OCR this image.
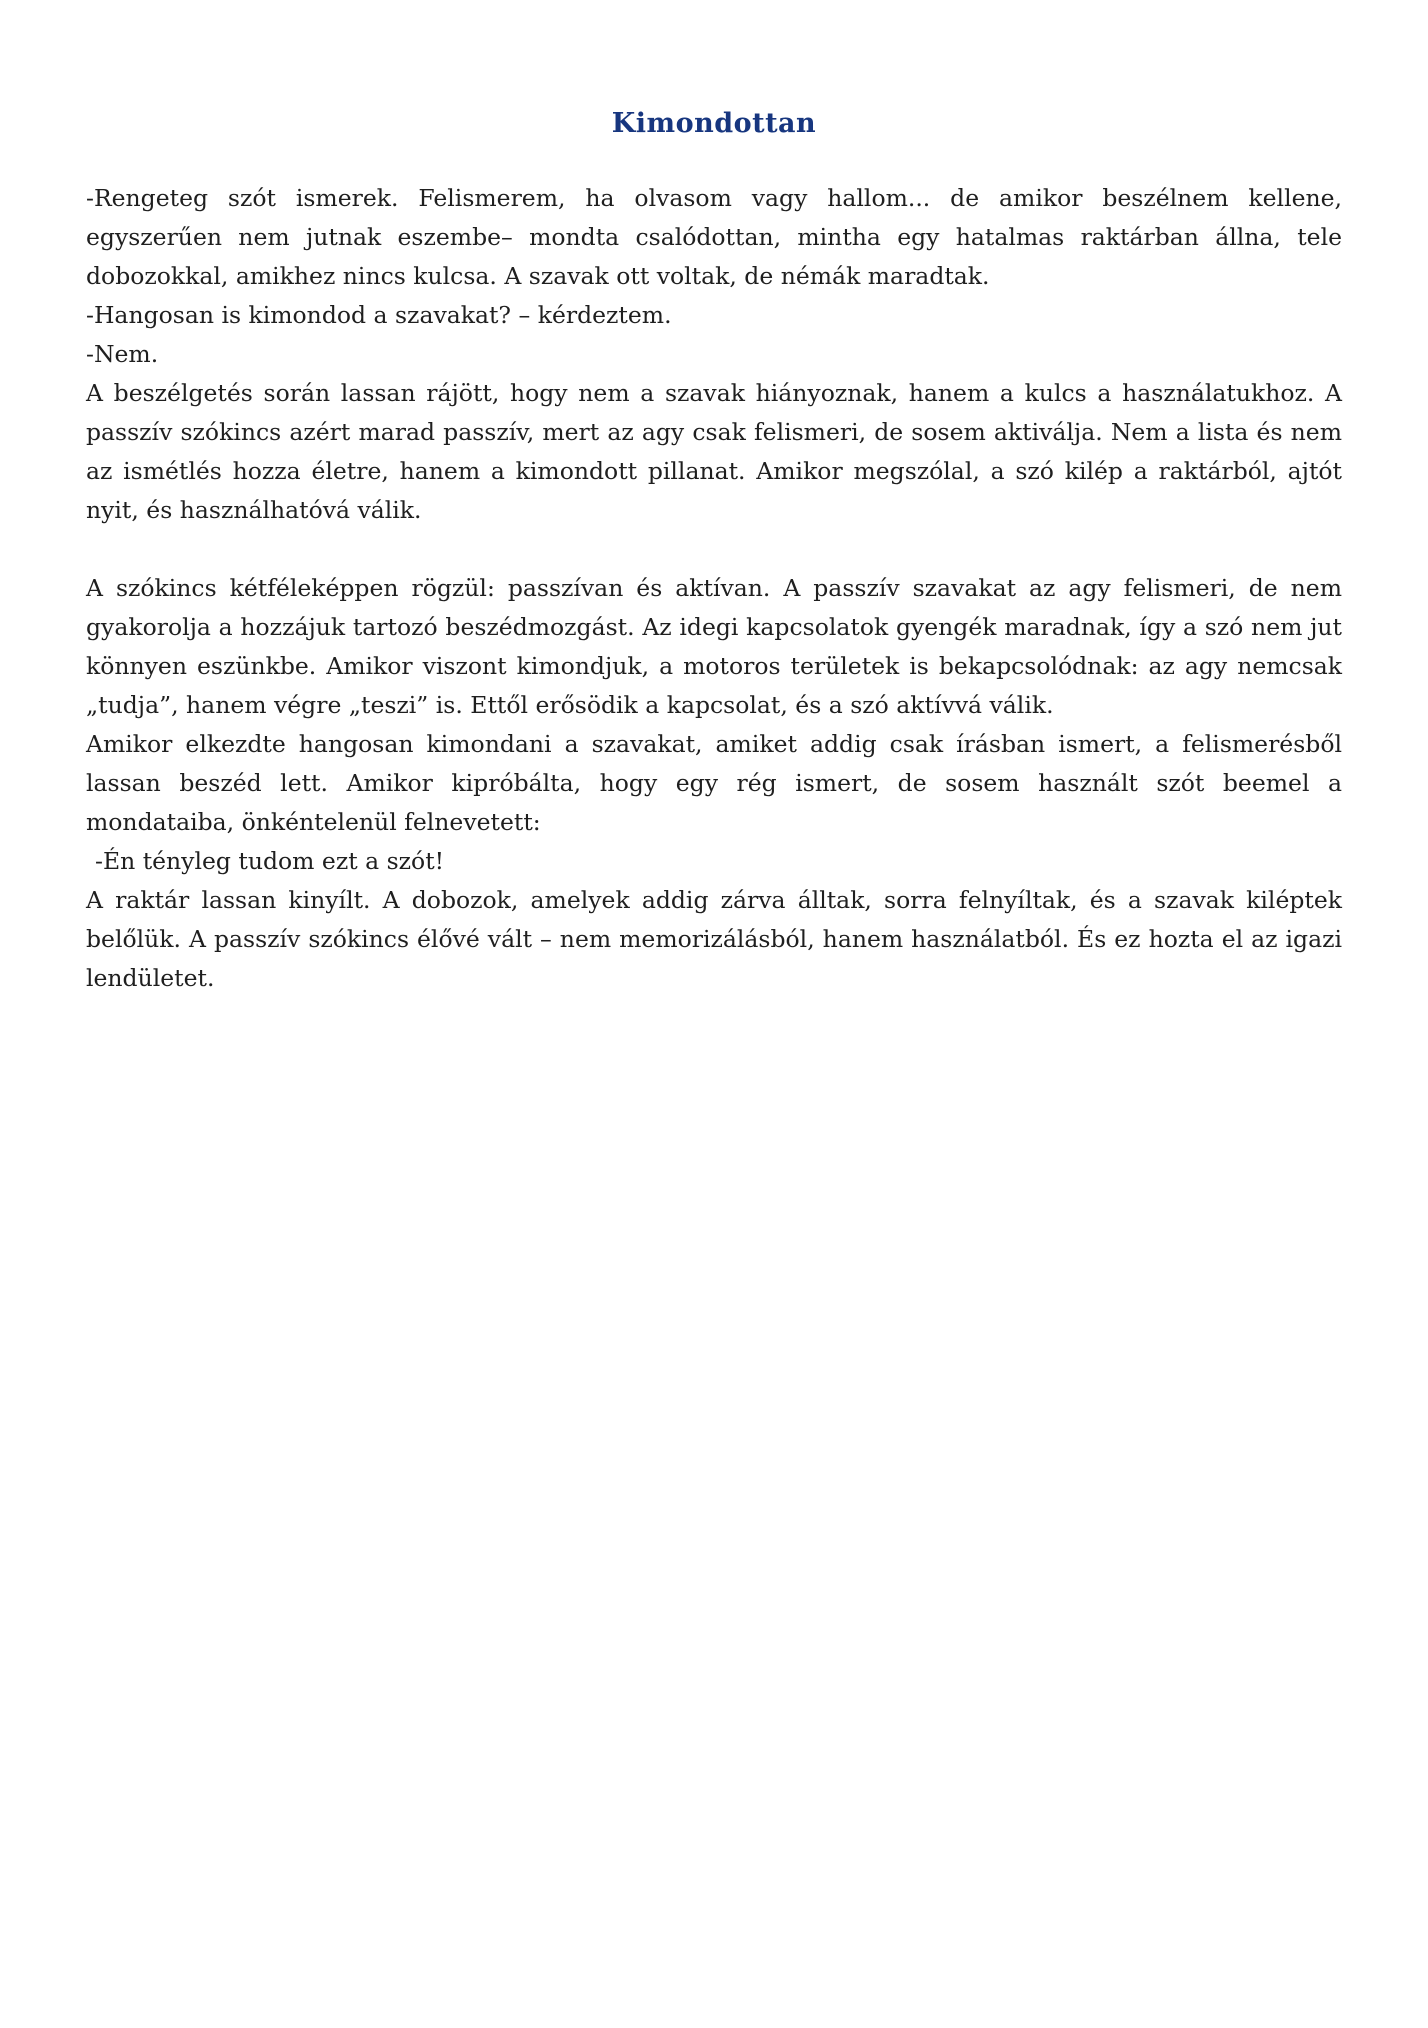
Kimondottan

-Rengeteg szót ismerek. Felismerem, ha olvasom vagy hallom... de amikor beszélnem kellene, egyszerűen nem jutnak eszembe– mondta csalódottan, mintha egy hatalmas raktárban állna, tele dobozokkal, amikhez nincs kulcsa. A szavak ott voltak, de némák maradtak.

-Hangosan is kimondod a szavakat? – kérdeztem.

-Nem.

A beszélgetés során lassan rájött, hogy nem a szavak hiányoznak, hanem a kulcs a használatukhoz. A passzív szókincs azért marad passzív, mert az agy csak felismeri, de sosem aktiválja. Nem a lista és nem az ismétlés hozza életre, hanem a kimondott pillanat. Amikor megszólal, a szó kilép a raktárból, ajtót nyit, és használhatóvá válik.

A szókincs kétféleképpen rögzül: passzívan és aktívan. A passzív szavakat az agy felismeri, de nem gyakorolja a hozzájuk tartozó beszédmozgást. Az idegi kapcsolatok gyengék maradnak, így a szó nem jut könnyen eszünkbe. Amikor viszont kimondjuk, a motoros területek is bekapcsolódnak: az agy nemcsak „tudja”, hanem végre „teszi” is. Ettől erősödik a kapcsolat, és a szó aktívvá válik.

Amikor elkezdte hangosan kimondani a szavakat, amiket addig csak írásban ismert, a felismerésből lassan beszéd lett. Amikor kipróbálta, hogy egy rég ismert, de sosem használt szót beemel a mondataiba, önkéntelenül felnevetett:

-Én tényleg tudom ezt a szót!

A raktár lassan kinyílt. A dobozok, amelyek addig zárva álltak, sorra felnyíltak, és a szavak kiléptek belőlük. A passzív szókincs élővé vált – nem memorizálásból, hanem használatból. És ez hozta el az igazi lendületet.
